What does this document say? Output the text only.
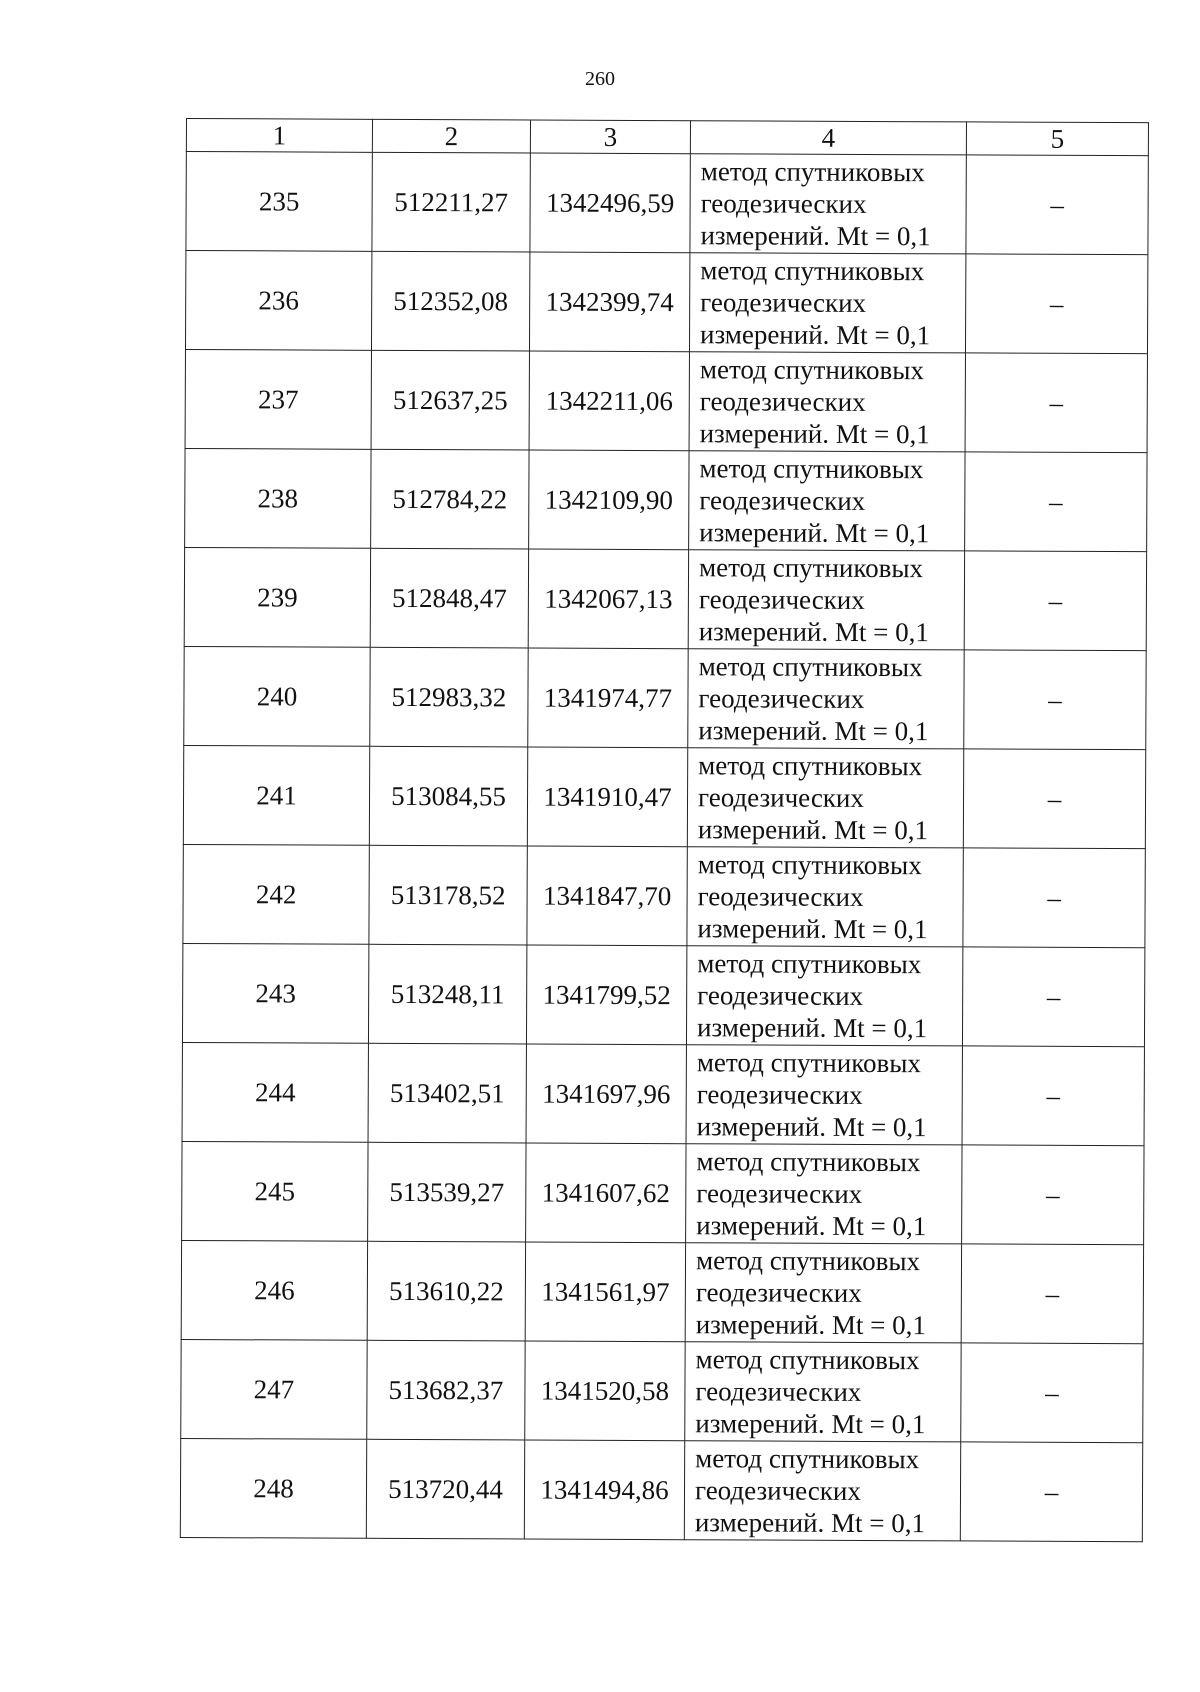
260
1	2	3	4	5
235	512211,27	1342496,59	метод спутниковых
геодезических
измерений. Mt = 0,1	–
236	512352,08	1342399,74	метод спутниковых
геодезических
измерений. Mt = 0,1	–
237	512637,25	1342211,06	метод спутниковых
геодезических
измерений. Mt = 0,1	–
238	512784,22	1342109,90	метод спутниковых
геодезических
измерений. Mt = 0,1	–
239	512848,47	1342067,13	метод спутниковых
геодезических
измерений. Mt = 0,1	–
240	512983,32	1341974,77	метод спутниковых
геодезических
измерений. Mt = 0,1	–
241	513084,55	1341910,47	метод спутниковых
геодезических
измерений. Mt = 0,1	–
242	513178,52	1341847,70	метод спутниковых
геодезических
измерений. Mt = 0,1	–
243	513248,11	1341799,52	метод спутниковых
геодезических
измерений. Mt = 0,1	–
244	513402,51	1341697,96	метод спутниковых
геодезических
измерений. Mt = 0,1	–
245	513539,27	1341607,62	метод спутниковых
геодезических
измерений. Mt = 0,1	–
246	513610,22	1341561,97	метод спутниковых
геодезических
измерений. Mt = 0,1	–
247	513682,37	1341520,58	метод спутниковых
геодезических
измерений. Mt = 0,1	–
248	513720,44	1341494,86	метод спутниковых
геодезических
измерений. Mt = 0,1	–
